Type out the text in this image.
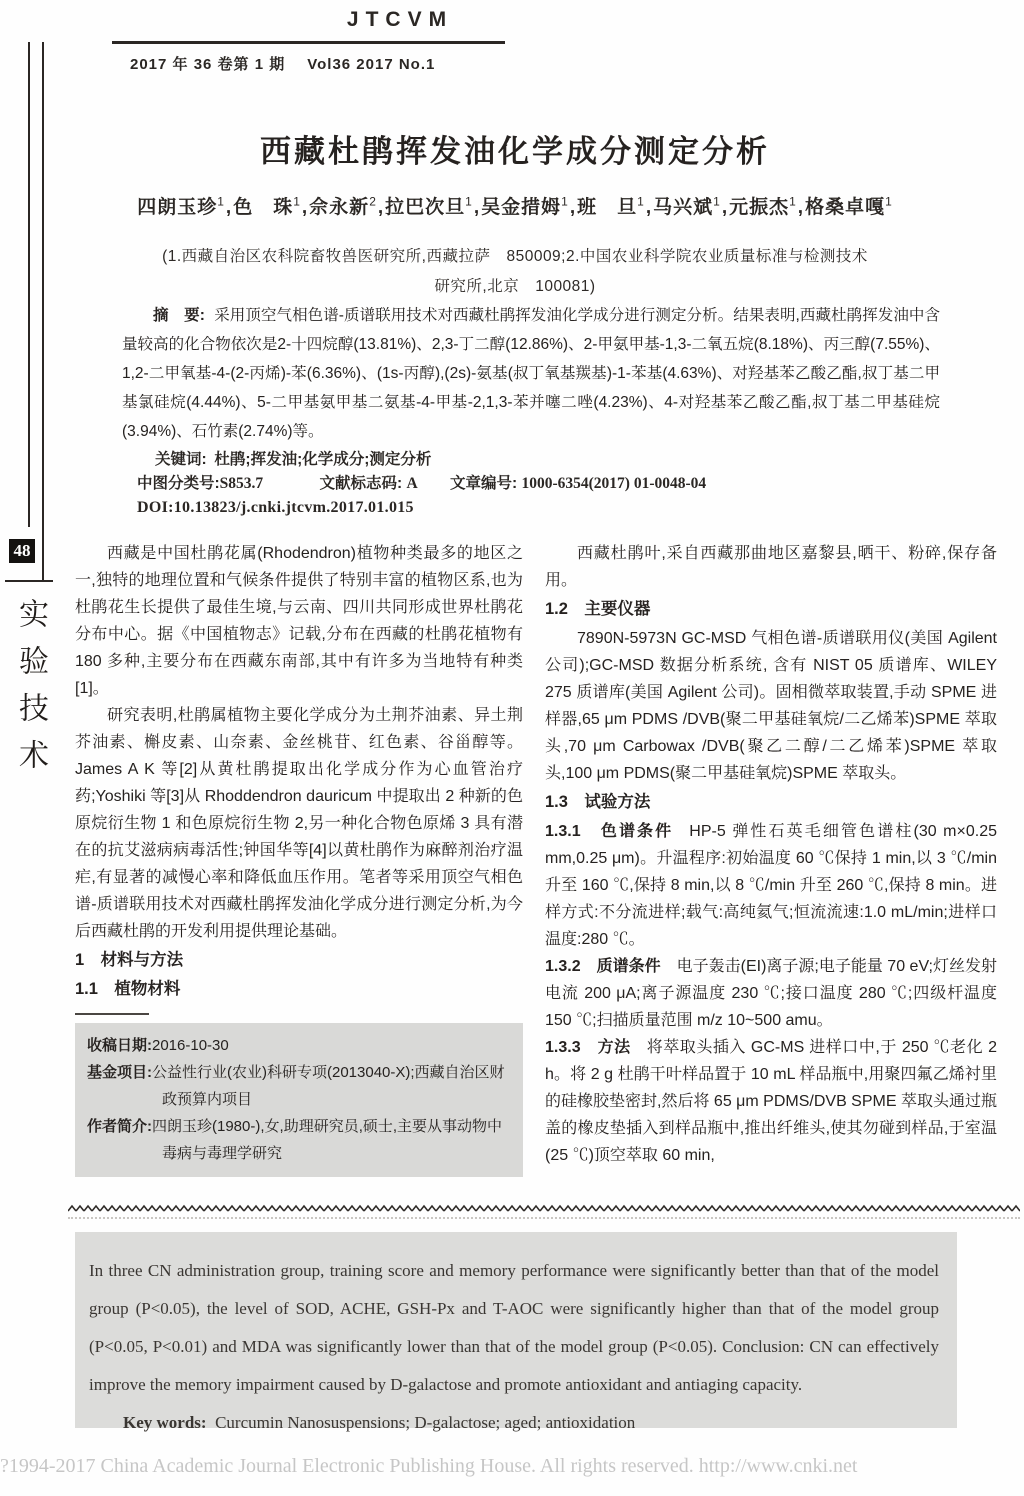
JTCVM
2017 年 36 卷第 1 期 Vol36 2017 No.1
48
实验技术
西藏杜鹃挥发油化学成分测定分析
四朗玉珍$^1$,色　珠$^1$,佘永新$^2$,拉巴次旦$^1$,吴金措姆$^1$,班　旦$^1$,马兴斌$^1$,元振杰$^1$,格桑卓嘎$^1$
(1.西藏自治区农科院畜牧兽医研究所,西藏拉萨　850009;2.中国农业科学院农业质量标准与检测技术
研究所,北京　100081)

摘　要: 采用顶空气相色谱-质谱联用技术对西藏杜鹃挥发油化学成分进行测定分析。结果表明,西藏杜鹃挥发油中含量较高的化合物依次是2-十四烷醇(13.81%)、2,3-丁二醇(12.86%)、2-甲氨甲基-1,3-二氧五烷(8.18%)、丙三醇(7.55%)、1,2-二甲氧基-4-(2-丙烯)-苯(6.36%)、(1s-丙醇),(2s)-氨基(叔丁氧基羰基)-1-苯基(4.63%)、对羟基苯乙酸乙酯,叔丁基二甲基氯硅烷(4.44%)、5-二甲基氨甲基二氨基-4-甲基-2,1,3-苯并噻二唑(4.23%)、4-对羟基苯乙酸乙酯,叔丁基二甲基硅烷(3.94%)、石竹素(2.74%)等。

关键词: 杜鹃;挥发油;化学成分;测定分析

中图分类号:S853.7	文献标志码: A 文章编号: 1000-6354(2017) 01-0048-04
DOI:10.13823/j.cnki.jtcvm.2017.01.015

西藏是中国杜鹃花属(Rhodendron)植物种类最多的地区之一,独特的地理位置和气候条件提供了特别丰富的植物区系,也为杜鹃花生长提供了最佳生境,与云南、四川共同形成世界杜鹃花分布中心。据《中国植物志》记载,分布在西藏的杜鹃花植物有 180 多种,主要分布在西藏东南部,其中有许多为当地特有种类[1]。

研究表明,杜鹃属植物主要化学成分为土荆芥油素、异土荆芥油素、槲皮素、山奈素、金丝桃苷、红色素、谷甾醇等。James A K 等[2]从黄杜鹃提取出化学成分作为心血管治疗药;Yoshiki 等[3]从 Rhoddendron dauricum 中提取出 2 种新的色原烷衍生物 1 和色原烷衍生物 2,另一种化合物色原烯 3 具有潜在的抗艾滋病病毒活性;钟国华等[4]以黄杜鹃作为麻醉剂治疗温疟,有显著的减慢心率和降低血压作用。笔者等采用顶空气相色谱-质谱联用技术对西藏杜鹃挥发油化学成分进行测定分析,为今后西藏杜鹃的开发利用提供理论基础。

1　材料与方法
1.1　植物材料

收稿日期:2016-10-30

基金项目:公益性行业(农业)科研专项(2013040-X);西藏自治区财政预算内项目

作者简介:四朗玉珍(1980-),女,助理研究员,硕士,主要从事动物中毒病与毒理学研究

西藏杜鹃叶,采自西藏那曲地区嘉黎县,晒干、粉碎,保存备用。

1.2　主要仪器

7890N-5973N GC-MSD 气相色谱-质谱联用仪(美国 Agilent 公司);GC-MSD 数据分析系统, 含有 NIST 05 质谱库、WILEY 275 质谱库(美国 Agilent 公司)。固相微萃取装置,手动 SPME 进样器,65 μm PDMS /DVB(聚二甲基硅氧烷/二乙烯苯)SPME 萃取头,70 μm Carbowax /DVB(聚乙二醇/二乙烯苯)SPME 萃取头,100 μm PDMS(聚二甲基硅氧烷)SPME 萃取头。

1.3　试验方法

1.3.1　色谱条件 HP-5 弹性石英毛细管色谱柱(30 m×0.25 mm,0.25 μm)。升温程序:初始温度 60 ℃保持 1 min,以 3 ℃/min 升至 160 ℃,保持 8 min,以 8 ℃/min 升至 260 ℃,保持 8 min。进样方式:不分流进样;载气:高纯氦气;恒流流速:1.0 mL/min;进样口温度:280 ℃。

1.3.2　质谱条件 电子轰击(EI)离子源;电子能量 70 eV;灯丝发射电流 200 μA;离子源温度 230 ℃;接口温度 280 ℃;四级杆温度 150 ℃;扫描质量范围 m/z 10~500 amu。

1.3.3　方法 将萃取头插入 GC-MS 进样口中,于 250 ℃老化 2 h。将 2 g 杜鹃干叶样品置于 10 mL 样品瓶中,用聚四氟乙烯衬里的硅橡胶垫密封,然后将 65 μm PDMS/DVB SPME 萃取头通过瓶盖的橡皮垫插入到样品瓶中,推出纤维头,使其勿碰到样品,于室温(25 ℃)顶空萃取 60 min,

In three CN administration group, training score and memory performance were significantly better than that of the model group (P<0.05), the level of SOD, ACHE, GSH-Px and T-AOC were significantly higher than that of the model group (P<0.05, P<0.01) and MDA was significantly lower than that of the model group (P<0.05). Conclusion: CN can effectively improve the memory impairment caused by D-galactose and promote antioxidant and antiaging capacity.

Key words: Curcumin Nanosuspensions; D-galactose; aged; antioxidation

?1994-2017 China Academic Journal Electronic Publishing House. All rights reserved. http://www.cnki.net
